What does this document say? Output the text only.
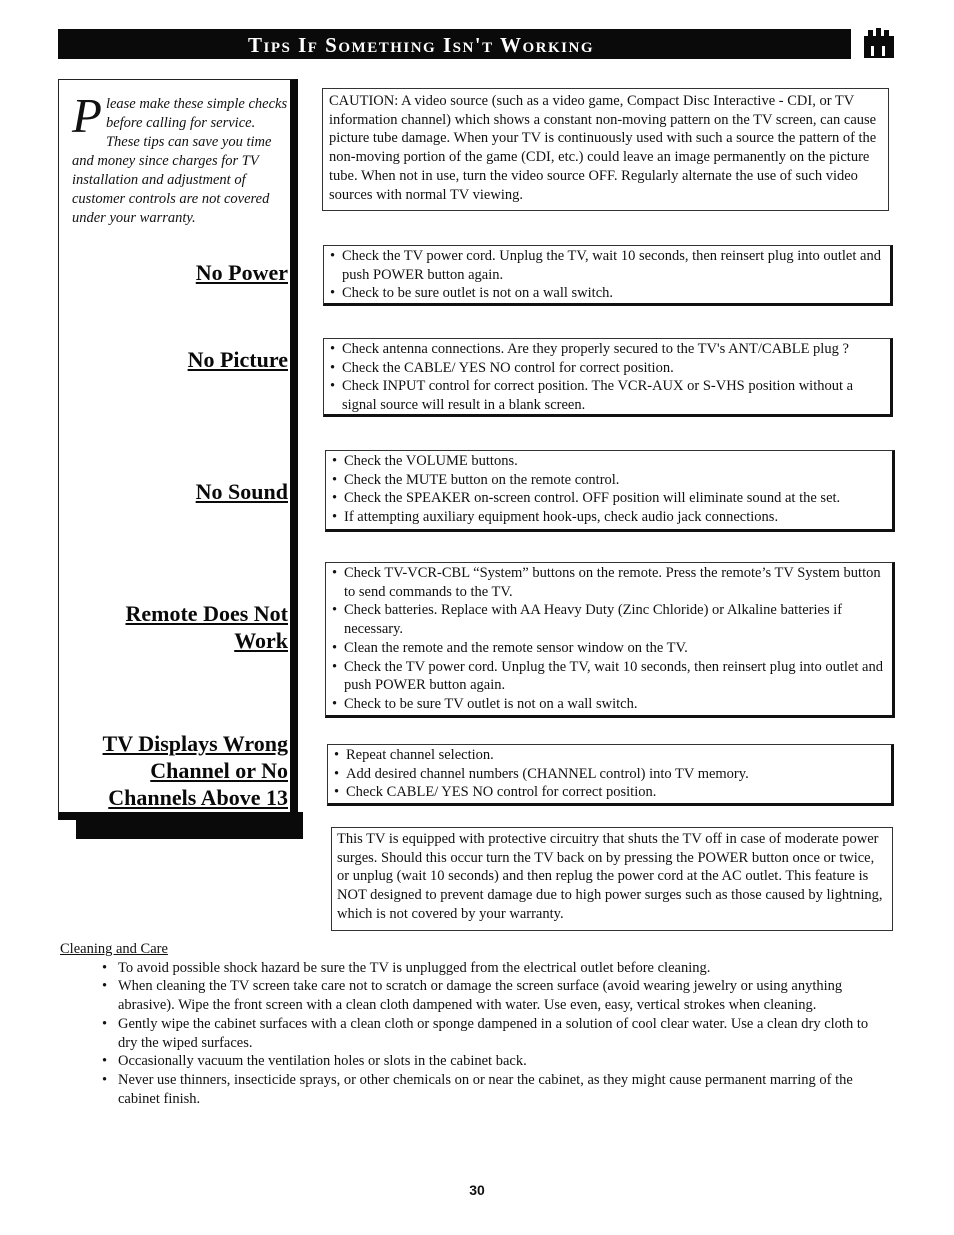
Tips If Something Isn't Working
Please make these simple checks before calling for service. These tips can save you time and money since charges for TV installation and adjustment of customer controls are not covered under your warranty.
No Power
No Picture
No Sound
Remote Does Not Work
TV Displays Wrong Channel or No Channels Above 13
CAUTION: A video source (such as a video game, Compact Disc Interactive - CDI, or TV information channel) which shows a constant non-moving pattern on the TV screen, can cause picture tube damage. When your TV is continuously used with such a source the pattern of the non-moving portion of the game (CDI, etc.) could leave an image permanently on the picture tube. When not in use, turn the video source OFF. Regularly alternate the use of such video sources with normal TV viewing.
• Check the TV power cord. Unplug the TV, wait 10 seconds, then reinsert plug into outlet and push POWER button again.
• Check to be sure outlet is not on a wall switch.
• Check antenna connections. Are they properly secured to the TV's ANT/CABLE plug ?
• Check the CABLE/ YES NO control for correct position.
• Check INPUT control for correct position. The VCR-AUX or S-VHS position without a signal source will result in a blank screen.
• Check the VOLUME buttons.
• Check the MUTE button on the remote control.
• Check the SPEAKER on-screen control. OFF position will eliminate sound at the set.
• If attempting auxiliary equipment hook-ups, check audio jack connections.
• Check TV-VCR-CBL “System” buttons on the remote. Press the remote’s TV System button to send commands to the TV.
• Check batteries. Replace with AA Heavy Duty (Zinc Chloride) or Alkaline batteries if necessary.
• Clean the remote and the remote sensor window on the TV.
• Check the TV power cord. Unplug the TV, wait 10 seconds, then reinsert plug into outlet and push POWER button again.
• Check to be sure TV outlet is not on a wall switch.
• Repeat channel selection.
• Add desired channel numbers (CHANNEL control) into TV memory.
• Check CABLE/ YES NO control for correct position.
This TV is equipped with protective circuitry that shuts the TV off in case of moderate power surges. Should this occur turn the TV back on by pressing the POWER button once or twice, or unplug (wait 10 seconds) and then replug the power cord at the AC outlet. This feature is NOT designed to prevent damage due to high power surges such as those caused by lightning, which is not covered by your warranty.
Cleaning and Care
• To avoid possible shock hazard be sure the TV is unplugged from the electrical outlet before cleaning.
• When cleaning the TV screen take care not to scratch or damage the screen surface (avoid wearing jewelry or using anything abrasive). Wipe the front screen with a clean cloth dampened with water. Use even, easy, vertical strokes when cleaning.
• Gently wipe the cabinet surfaces with a clean cloth or sponge dampened in a solution of cool clear water. Use a clean dry cloth to dry the wiped surfaces.
• Occasionally vacuum the ventilation holes or slots in the cabinet back.
• Never use thinners, insecticide sprays, or other chemicals on or near the cabinet, as they might cause permanent marring of the cabinet finish.
30
